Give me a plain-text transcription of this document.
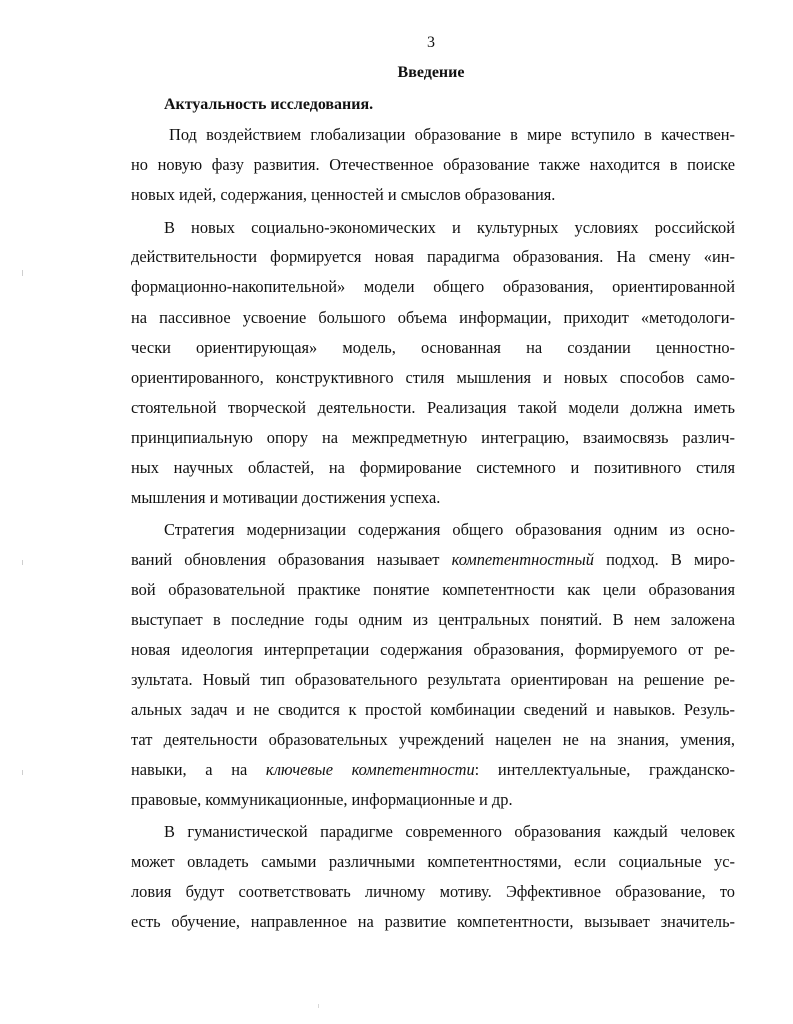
3
Введение
Актуальность исследования.
Под воздействием глобализации образование в мире вступило в качествен-
но новую фазу развития. Отечественное образование также находится в поиске
новых идей, содержания, ценностей и смыслов образования.
В новых социально-экономических и культурных условиях российской
действительности формируется новая парадигма образования. На смену «ин-
формационно-накопительной» модели общего образования, ориентированной
на пассивное усвоение большого объема информации, приходит «методологи-
чески ориентирующая» модель, основанная на создании ценностно-
ориентированного, конструктивного стиля мышления и новых способов само-
стоятельной творческой деятельности. Реализация такой модели должна иметь
принципиальную опору на межпредметную интеграцию, взаимосвязь различ-
ных научных областей, на формирование системного и позитивного стиля
мышления и мотивации достижения успеха.
Стратегия модернизации содержания общего образования одним из осно-
ваний обновления образования называет компетентностный подход. В миро-
вой образовательной практике понятие компетентности как цели образования
выступает в последние годы одним из центральных понятий. В нем заложена
новая идеология интерпретации содержания образования, формируемого от ре-
зультата. Новый тип образовательного результата ориентирован на решение ре-
альных задач и не сводится к простой комбинации сведений и навыков. Резуль-
тат деятельности образовательных учреждений нацелен не на знания, умения,
навыки, а на ключевые компетентности: интеллектуальные, гражданско-
правовые, коммуникационные, информационные и др.
В гуманистической парадигме современного образования каждый человек
может овладеть самыми различными компетентностями, если социальные ус-
ловия будут соответствовать личному мотиву. Эффективное образование, то
есть обучение, направленное на развитие компетентности, вызывает значитель-
